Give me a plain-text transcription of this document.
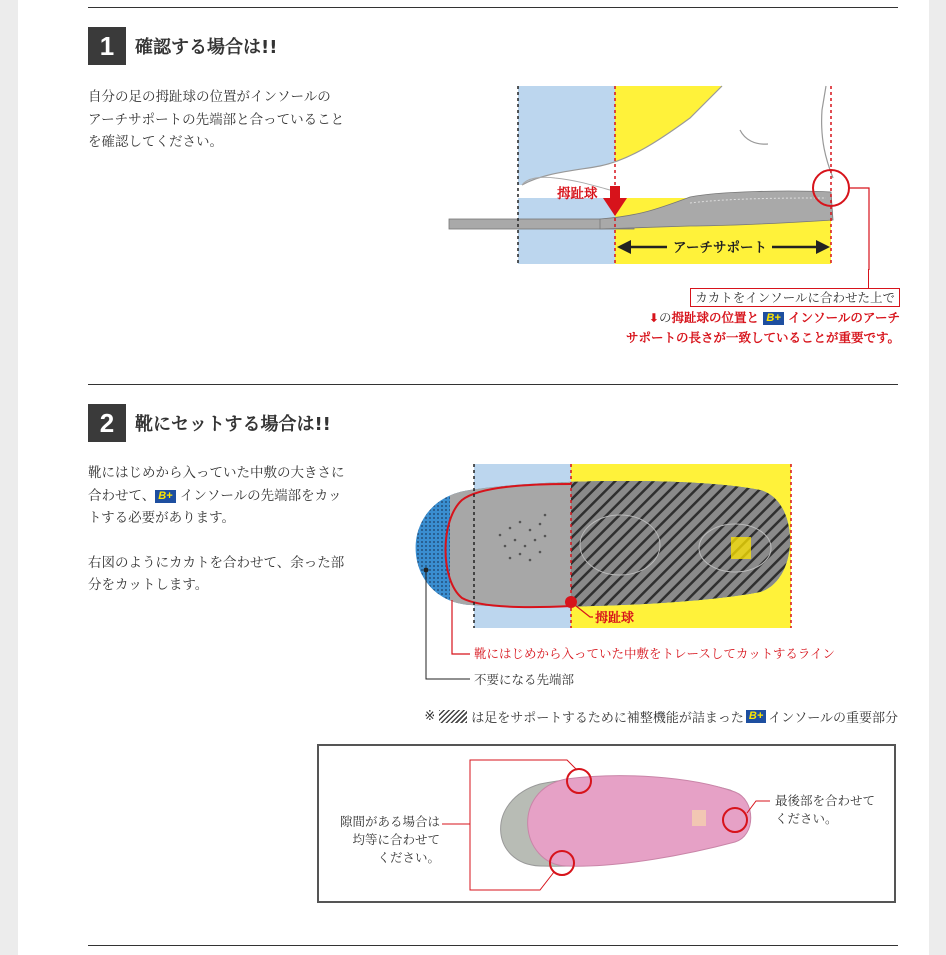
1	確認する場合は!!

自分の足の拇趾球の位置がインソールの

アーチサポートの先端部と合っていること

を確認してください。

拇趾球
アーチサポート
カカトをインソールに合わせた上で
⬇の拇趾球の位置と B+ インソールのアーチ
サポートの長さが一致していることが重要です。
2	靴にセットする場合は!!

靴にはじめから入っていた中敷の大きさに

合わせて、 B+ インソールの先端部をカッ

トする必要があります。

右図のようにカカトを合わせて、余った部

分をカットします。

拇趾球
靴にはじめから入っていた中敷をトレースしてカットするライン
不要になる先端部
※	は足をサポートするために補整機能が詰まった B+ インソールの重要部分
隙間がある場合は
均等に合わせて
ください。
最後部を合わせて
ください。
